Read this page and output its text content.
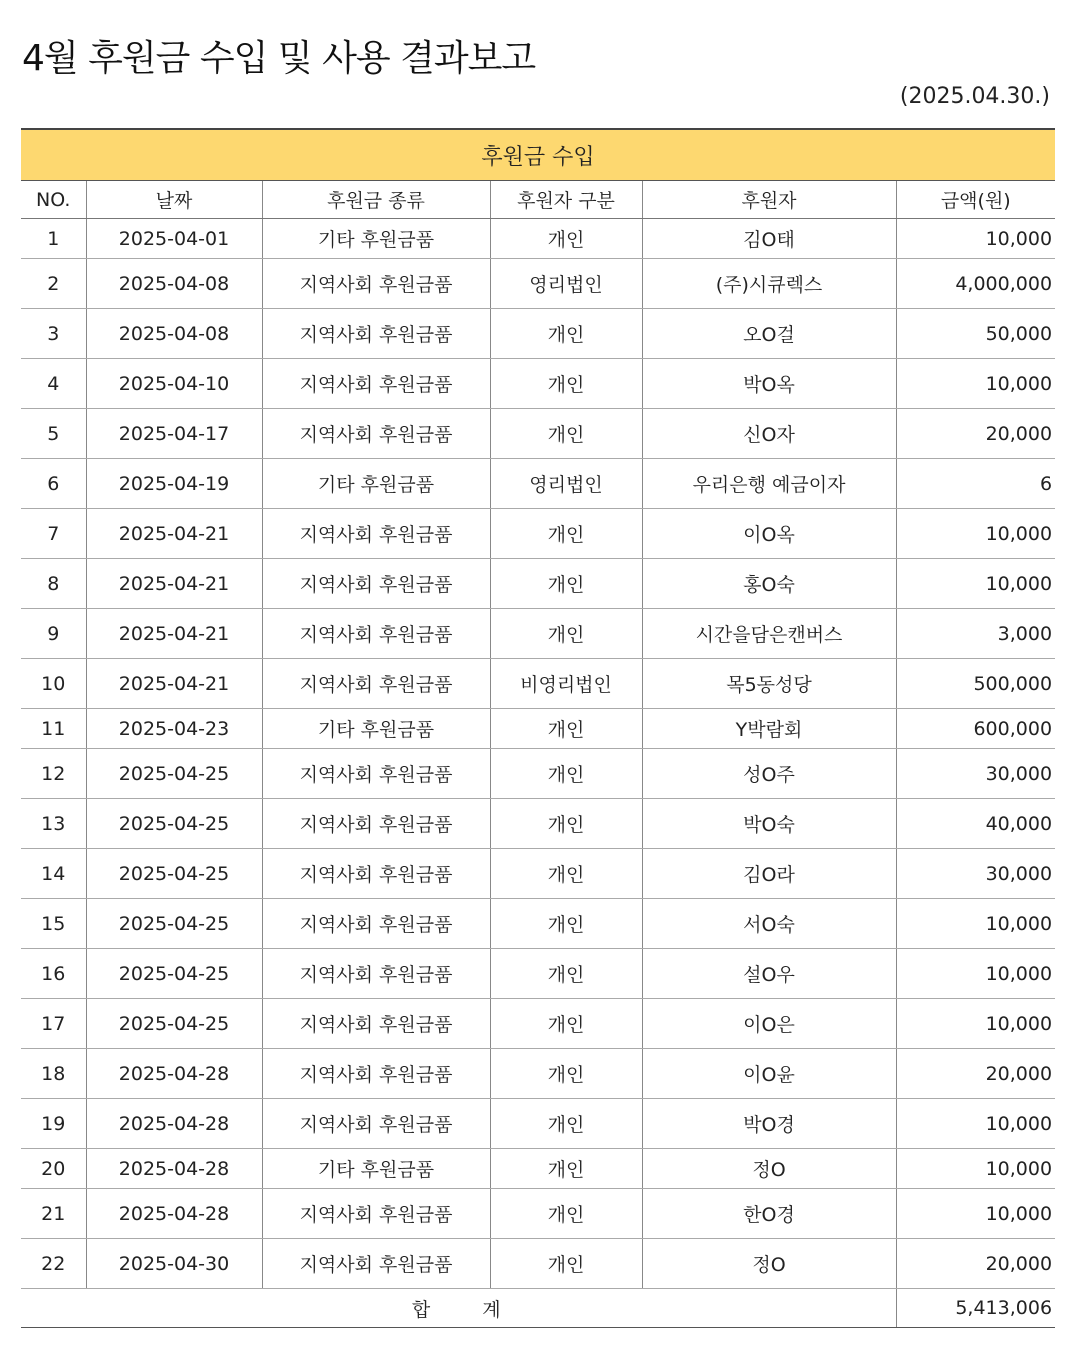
4월 후원금 수입 및 사용 결과보고
(2025.04.30.)
후원금 수입					
NO.	날짜	후원금 종류	후원자 구분	후원자	금액(원)
1	2025-04-01	기타 후원금품	개인	김O태	10,000
2	2025-04-08	지역사회 후원금품	영리법인	(주)시큐렉스	4,000,000
3	2025-04-08	지역사회 후원금품	개인	오O걸	50,000
4	2025-04-10	지역사회 후원금품	개인	박O옥	10,000
5	2025-04-17	지역사회 후원금품	개인	신O자	20,000
6	2025-04-19	기타 후원금품	영리법인	우리은행 예금이자	6
7	2025-04-21	지역사회 후원금품	개인	이O옥	10,000
8	2025-04-21	지역사회 후원금품	개인	홍O숙	10,000
9	2025-04-21	지역사회 후원금품	개인	시간을담은캔버스	3,000
10	2025-04-21	지역사회 후원금품	비영리법인	목5동성당	500,000
11	2025-04-23	기타 후원금품	개인	Y박람회	600,000
12	2025-04-25	지역사회 후원금품	개인	성O주	30,000
13	2025-04-25	지역사회 후원금품	개인	박O숙	40,000
14	2025-04-25	지역사회 후원금품	개인	김O라	30,000
15	2025-04-25	지역사회 후원금품	개인	서O숙	10,000
16	2025-04-25	지역사회 후원금품	개인	설O우	10,000
17	2025-04-25	지역사회 후원금품	개인	이O은	10,000
18	2025-04-28	지역사회 후원금품	개인	이O윤	20,000
19	2025-04-28	지역사회 후원금품	개인	박O경	10,000
20	2025-04-28	기타 후원금품	개인	정O	10,000
21	2025-04-28	지역사회 후원금품	개인	한O경	10,000
22	2025-04-30	지역사회 후원금품	개인	정O	20,000
합계					5,413,006
